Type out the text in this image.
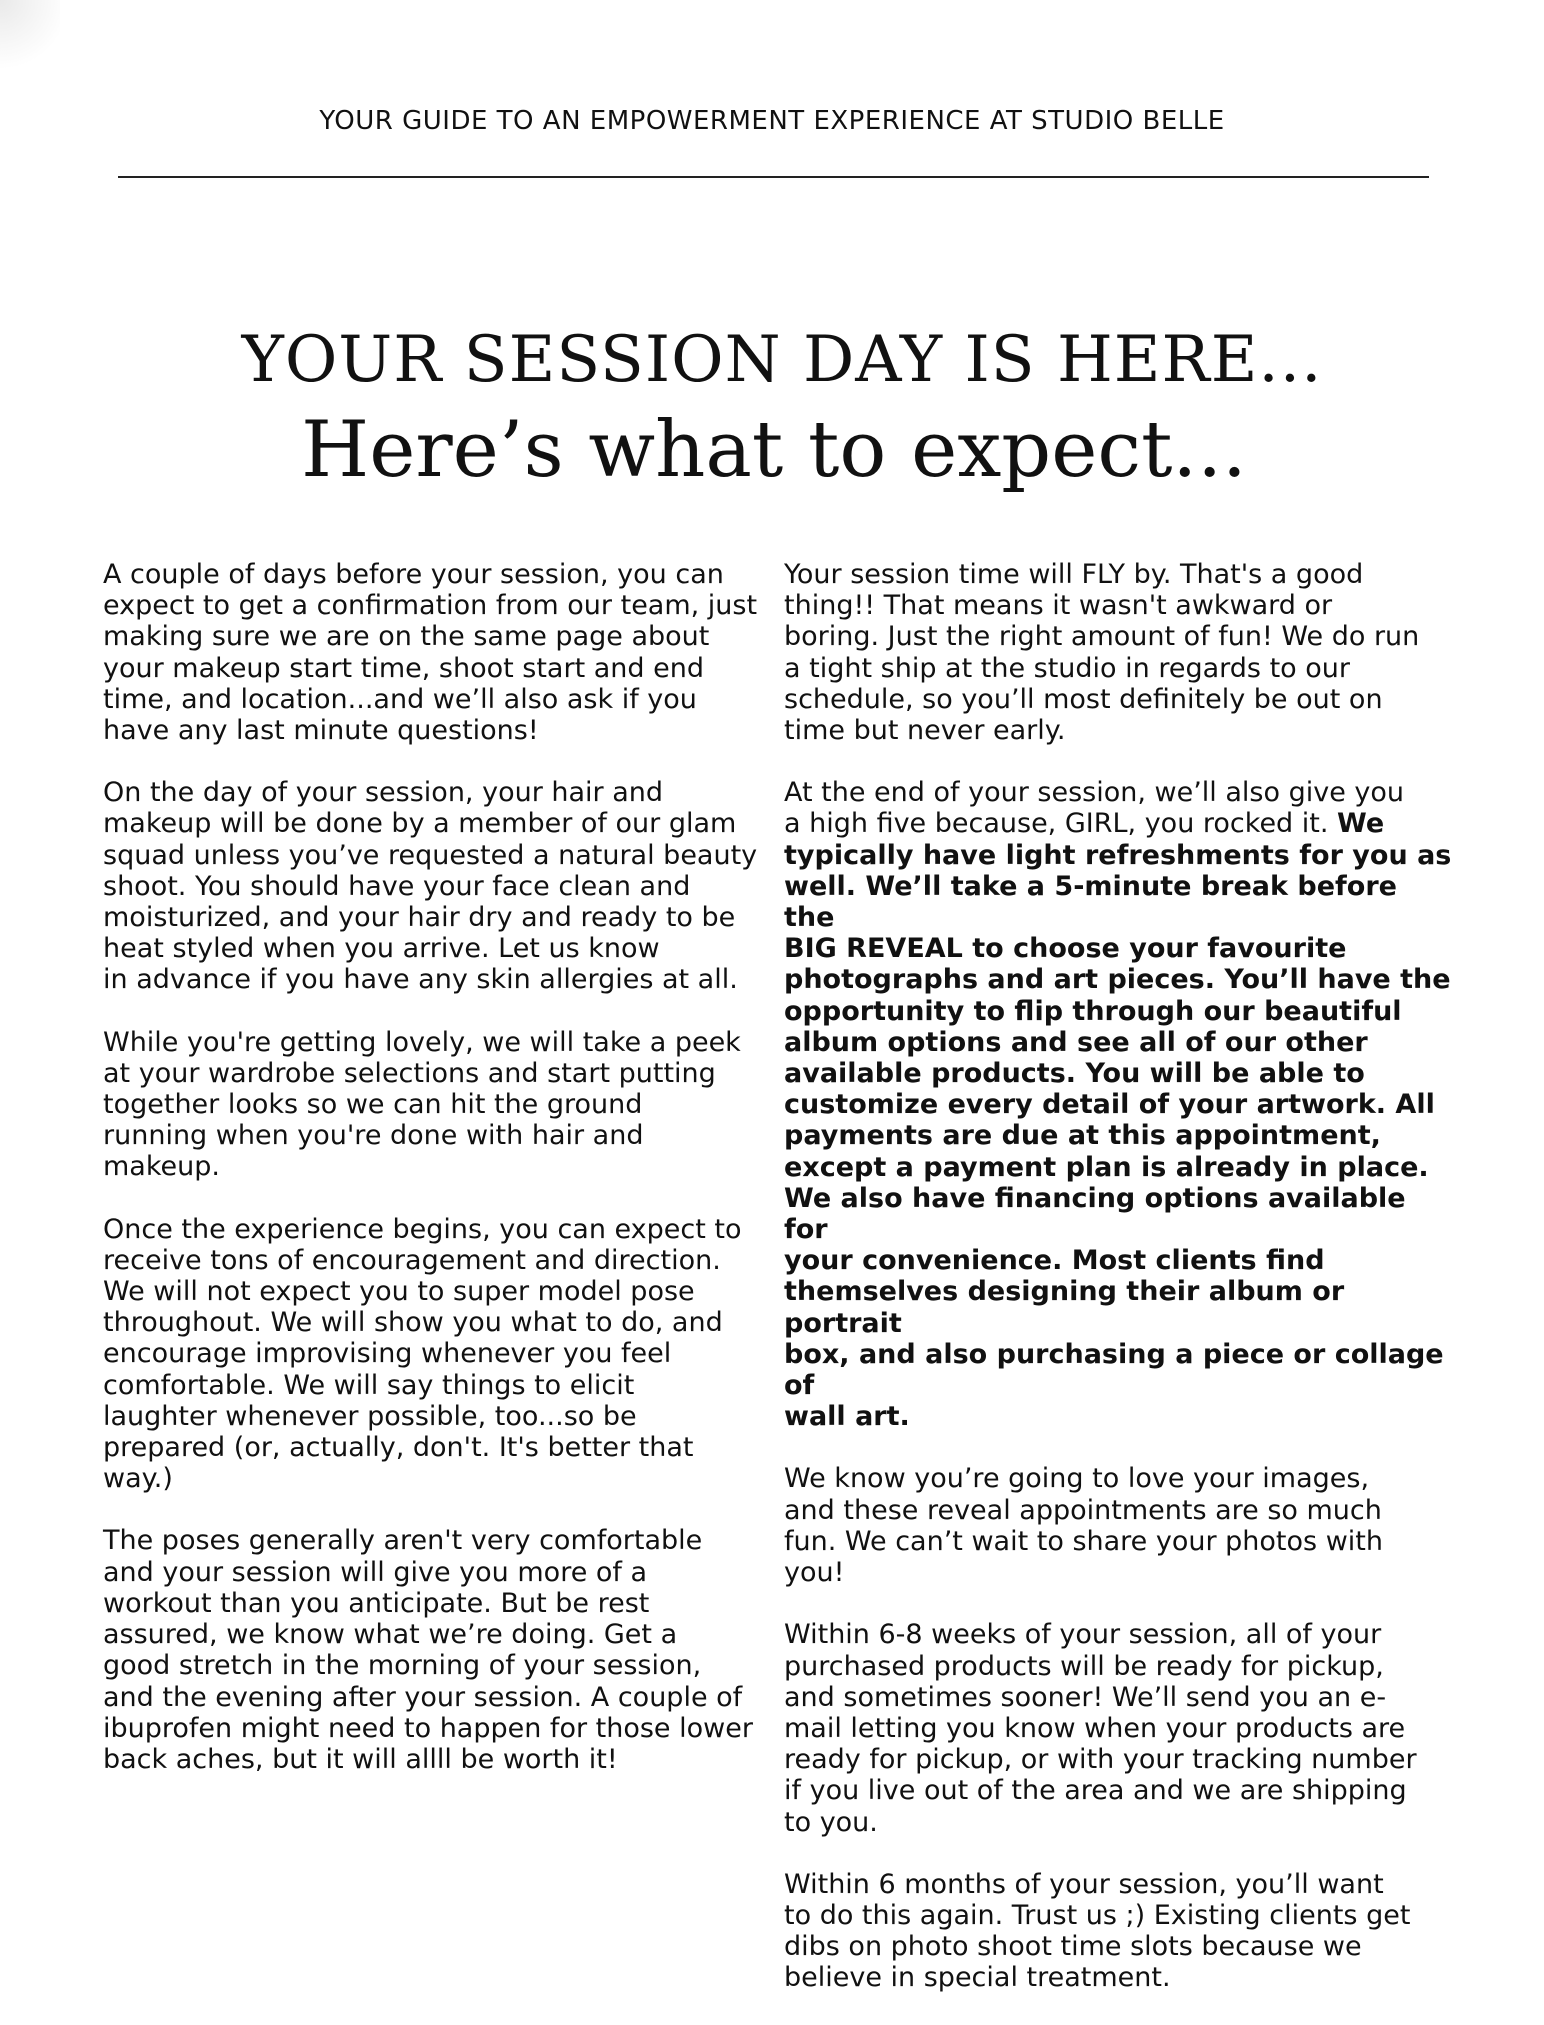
YOUR GUIDE TO AN EMPOWERMENT EXPERIENCE AT STUDIO BELLE
YOUR SESSION DAY IS HERE...
Here’s what to expect...

A couple of days before your session, you can
expect to get a confirmation from our team, just
making sure we are on the same page about
your makeup start time, shoot start and end
time, and location...and we’ll also ask if you
have any last minute questions!

On the day of your session, your hair and
makeup will be done by a member of our glam
squad unless you’ve requested a natural beauty
shoot. You should have your face clean and
moisturized, and your hair dry and ready to be
heat styled when you arrive. Let us know
in advance if you have any skin allergies at all.

While you're getting lovely, we will take a peek
at your wardrobe selections and start putting
together looks so we can hit the ground
running when you're done with hair and
makeup.

Once the experience begins, you can expect to
receive tons of encouragement and direction.
We will not expect you to super model pose
throughout. We will show you what to do, and
encourage improvising whenever you feel
comfortable. We will say things to elicit
laughter whenever possible, too...so be
prepared (or, actually, don't. It's better that
way.)

The poses generally aren't very comfortable
and your session will give you more of a
workout than you anticipate. But be rest
assured, we know what we’re doing. Get a
good stretch in the morning of your session,
and the evening after your session. A couple of
ibuprofen might need to happen for those lower
back aches, but it will allll be worth it!

Your session time will FLY by. That's a good
thing!! That means it wasn't awkward or
boring. Just the right amount of fun! We do run
a tight ship at the studio in regards to our
schedule, so you’ll most definitely be out on
time but never early.

At the end of your session, we’ll also give you
a high five because, GIRL, you rocked it. We
typically have light refreshments for you as
well. We’ll take a 5-minute break before the
BIG REVEAL to choose your favourite
photographs and art pieces. You’ll have the
opportunity to flip through our beautiful
album options and see all of our other
available products. You will be able to
customize every detail of your artwork. All
payments are due at this appointment,
except a payment plan is already in place.
We also have financing options available for
your convenience. Most clients find
themselves designing their album or portrait
box, and also purchasing a piece or collage of
wall art.

We know you’re going to love your images,
and these reveal appointments are so much
fun. We can’t wait to share your photos with
you!

Within 6-8 weeks of your session, all of your
purchased products will be ready for pickup,
and sometimes sooner! We’ll send you an e-
mail letting you know when your products are
ready for pickup, or with your tracking number
if you live out of the area and we are shipping
to you.

Within 6 months of your session, you’ll want
to do this again. Trust us ;) Existing clients get
dibs on photo shoot time slots because we
believe in special treatment.
